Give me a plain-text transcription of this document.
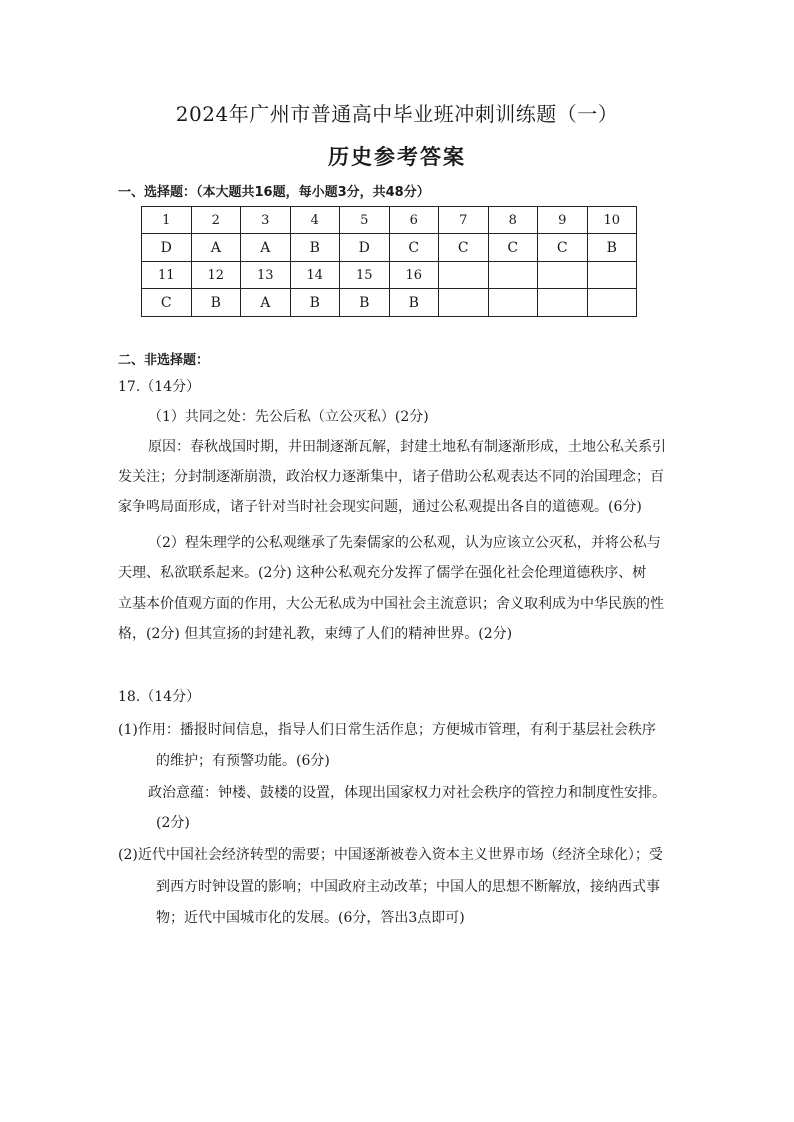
2024年广州市普通高中毕业班冲刺训练题（一）
历史参考答案
一、选择题：（本大题共16题，每小题3分，共48分）
1	2	3	4	5	6	7	8	9	10
D	A	A	B	D	C	C	C	C	B
11	12	13	14	15	16				
C	B	A	B	B	B				
二、非选择题：
17.（14分）
（1）共同之处：先公后私（立公灭私）(2分)
原因：春秋战国时期，井田制逐渐瓦解，封建土地私有制逐渐形成，土地公私关系引
发关注；分封制逐渐崩溃，政治权力逐渐集中，诸子借助公私观表达不同的治国理念；百
家争鸣局面形成，诸子针对当时社会现实问题，通过公私观提出各自的道德观。(6分)
（2）程朱理学的公私观继承了先秦儒家的公私观，认为应该立公灭私，并将公私与
天理、私欲联系起来。(2分) 这种公私观充分发挥了儒学在强化社会伦理道德秩序、树
立基本价值观方面的作用，大公无私成为中国社会主流意识；舍义取利成为中华民族的性
格，(2分) 但其宣扬的封建礼教，束缚了人们的精神世界。(2分)
18.（14分）
(1)作用：播报时间信息，指导人们日常生活作息；方便城市管理，有利于基层社会秩序
的维护；有预警功能。(6分)
政治意蕴：钟楼、鼓楼的设置，体现出国家权力对社会秩序的管控力和制度性安排。
(2分)
(2)近代中国社会经济转型的需要；中国逐渐被卷入资本主义世界市场（经济全球化）；受
到西方时钟设置的影响；中国政府主动改革；中国人的思想不断解放，接纳西式事
物；近代中国城市化的发展。(6分，答出3点即可)
